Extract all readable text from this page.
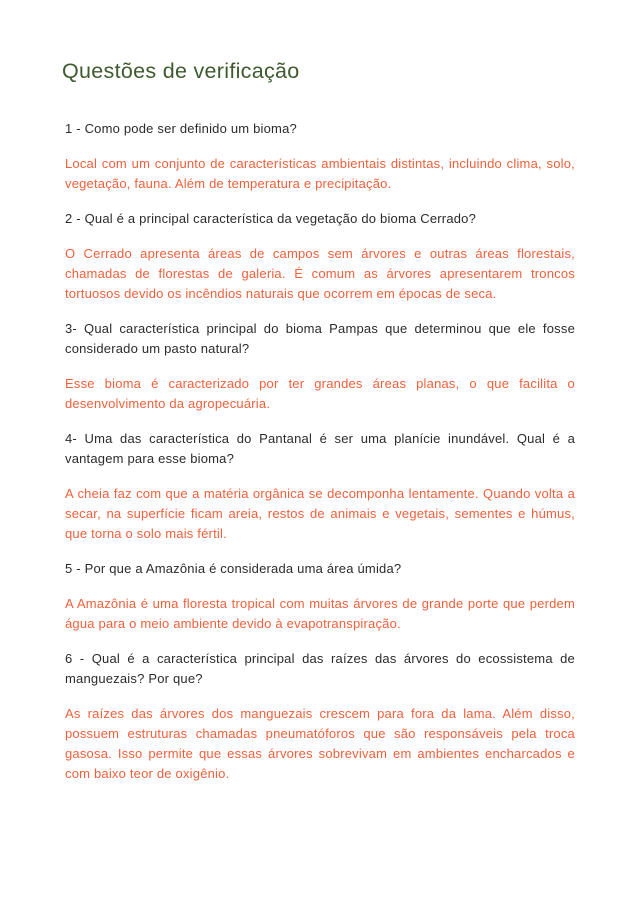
Questões de verificação

1 - Como pode ser definido um bioma?

Local com um conjunto de características ambientais distintas, incluindo clima, solo, vegetação, fauna. Além de temperatura e precipitação.

2 - Qual é a principal característica da vegetação do bioma Cerrado?

O Cerrado apresenta áreas de campos sem árvores e outras áreas florestais, chamadas de florestas de galeria. É comum as árvores apresentarem troncos tortuosos devido os incêndios naturais que ocorrem em épocas de seca.

3- Qual característica principal do bioma Pampas que determinou que ele fosse considerado um pasto natural?

Esse bioma é caracterizado por ter grandes áreas planas, o que facilita o desenvolvimento da agropecuária.

4- Uma das característica do Pantanal é ser uma planície inundável. Qual é a vantagem para esse bioma?

A cheia faz com que a matéria orgânica se decomponha lentamente. Quando volta a secar, na superfície ficam areia, restos de animais e vegetais, sementes e húmus, que torna o solo mais fértil.

5 - Por que a Amazônia é considerada uma área úmida?

A Amazônia é uma floresta tropical com muitas árvores de grande porte que perdem água para o meio ambiente devido à evapotranspiração.

6 - Qual é a característica principal das raízes das árvores do ecossistema de manguezais? Por que?

As raízes das árvores dos manguezais crescem para fora da lama. Além disso, possuem estruturas chamadas pneumatóforos que são responsáveis pela troca gasosa. Isso permite que essas árvores sobrevivam em ambientes encharcados e com baixo teor de oxigênio.
